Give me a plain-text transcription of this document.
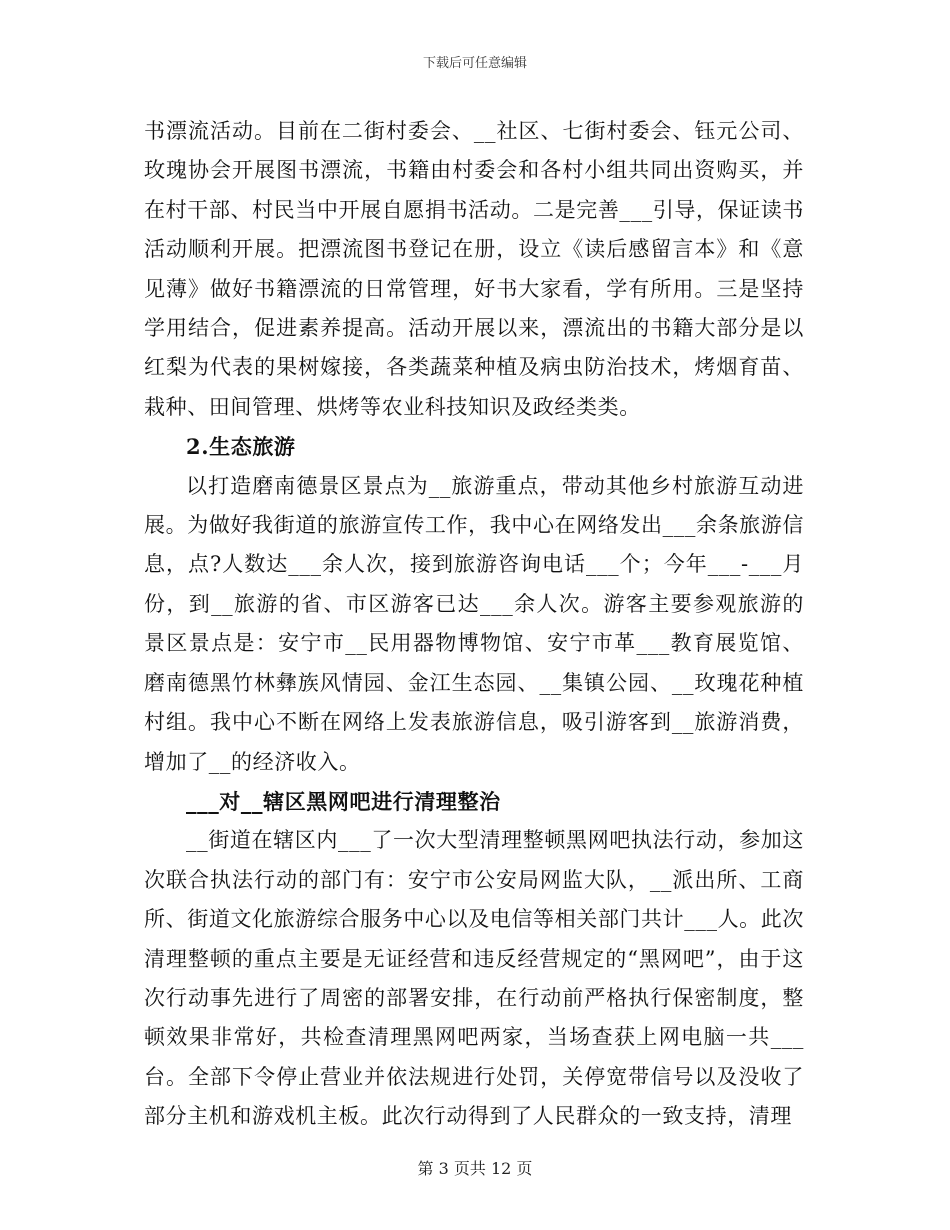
下载后可任意编辑

书漂流活动。目前在二街村委会、__社区、七街村委会、钰元公司、玫瑰协会开展图书漂流，书籍由村委会和各村小组共同出资购买，并在村干部、村民当中开展自愿捐书活动。二是完善___引导，保证读书活动顺利开展。把漂流图书登记在册，设立《读后感留言本》和《意见薄》做好书籍漂流的日常管理，好书大家看，学有所用。三是坚持学用结合，促进素养提高。活动开展以来，漂流出的书籍大部分是以红梨为代表的果树嫁接，各类蔬菜种植及病虫防治技术，烤烟育苗、栽种、田间管理、烘烤等农业科技知识及政经类类。

2.生态旅游

以打造磨南德景区景点为__旅游重点，带动其他乡村旅游互动进展。为做好我街道的旅游宣传工作，我中心在网络发出___余条旅游信息，点?人数达___余人次，接到旅游咨询电话___个；今年___-___月份，到__旅游的省、市区游客已达___余人次。游客主要参观旅游的景区景点是：安宁市__民用器物博物馆、安宁市革___教育展览馆、磨南德黑竹林彝族风情园、金江生态园、__集镇公园、__玫瑰花种植村组。我中心不断在网络上发表旅游信息，吸引游客到__旅游消费，增加了__的经济收入。

___对__辖区黑网吧进行清理整治

__街道在辖区内___了一次大型清理整顿黑网吧执法行动，参加这次联合执法行动的部门有：安宁市公安局网监大队，__派出所、工商所、街道文化旅游综合服务中心以及电信等相关部门共计___人。此次清理整顿的重点主要是无证经营和违反经营规定的“黑网吧”，由于这次行动事先进行了周密的部署安排，在行动前严格执行保密制度，整顿效果非常好，共检查清理黑网吧两家，当场查获上网电脑一共___台。全部下令停止营业并依法规进行处罚，关停宽带信号以及没收了部分主机和游戏机主板。此次行动得到了人民群众的一致支持，清理

第 3 页共 12 页
